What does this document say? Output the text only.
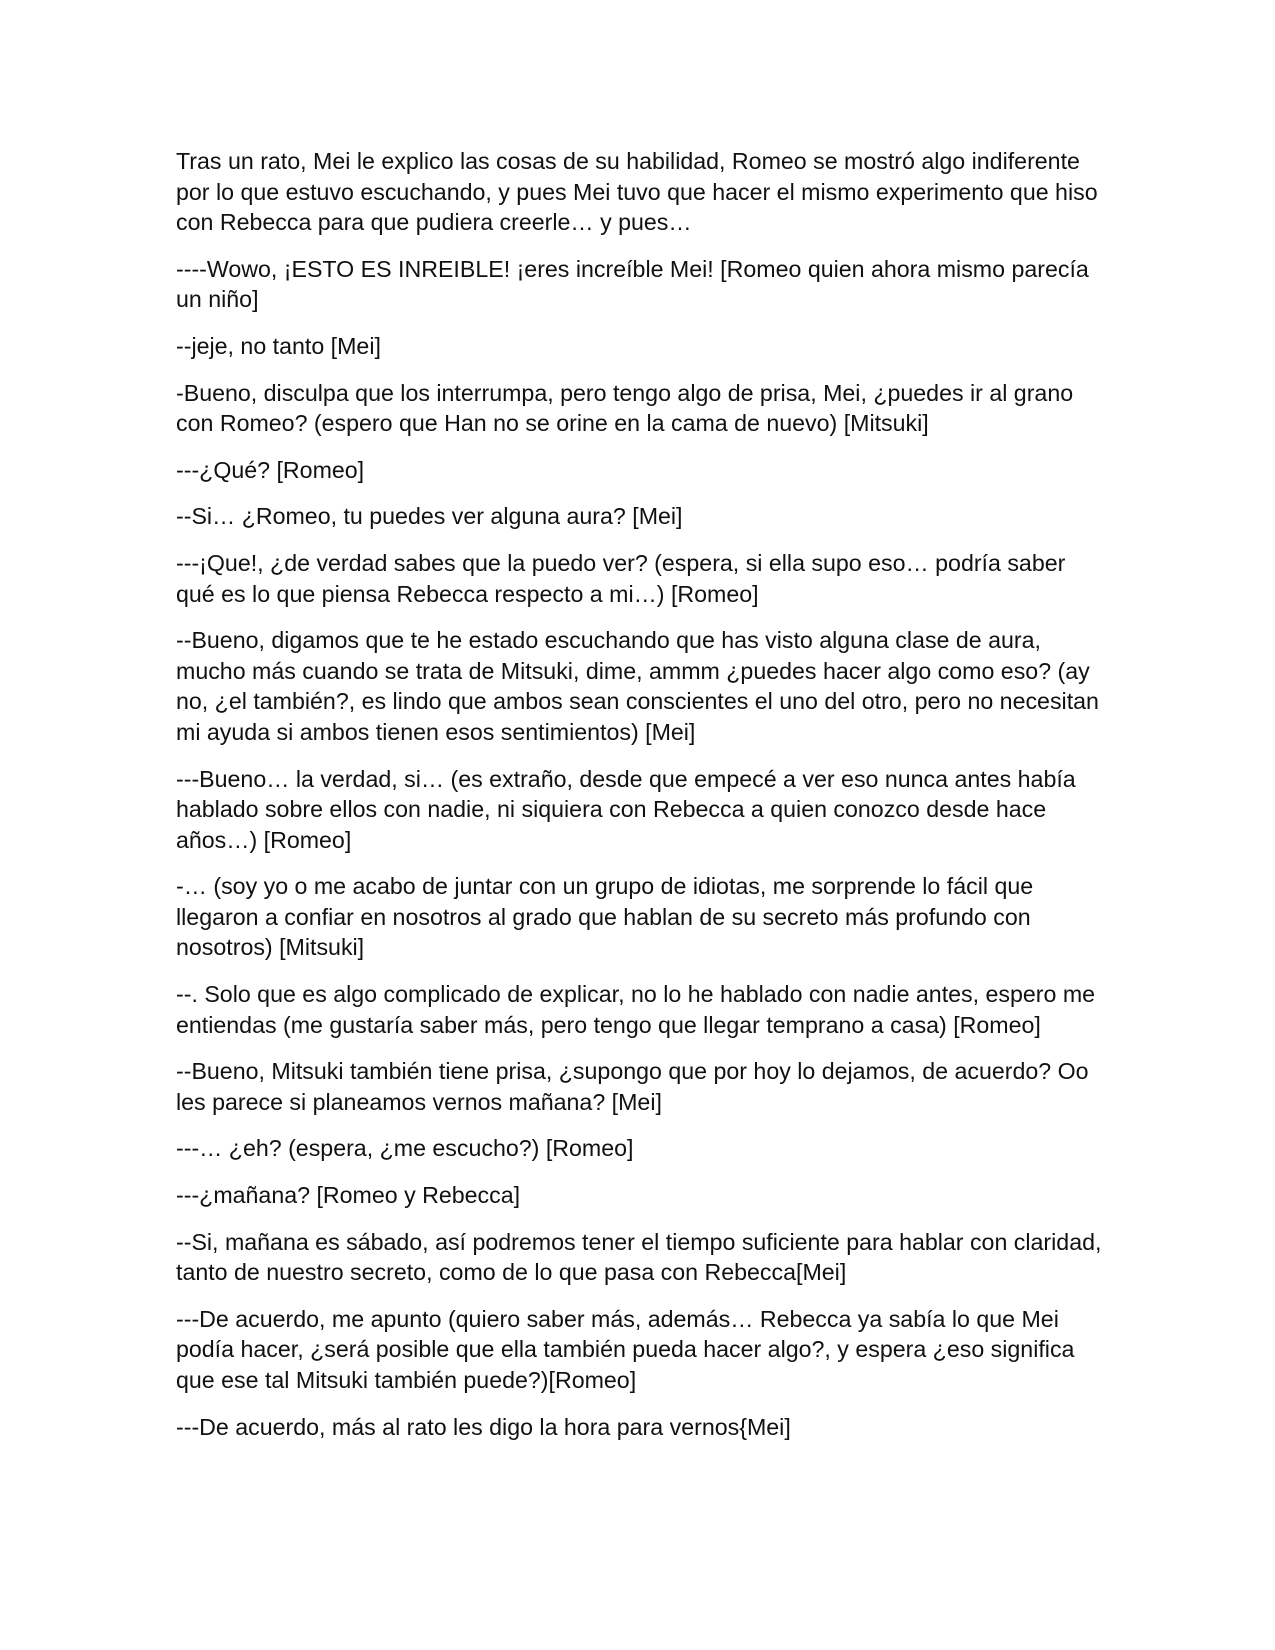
Tras un rato, Mei le explico las cosas de su habilidad, Romeo se mostró algo indiferente por lo que estuvo escuchando, y pues Mei tuvo que hacer el mismo experimento que hiso con Rebecca para que pudiera creerle… y pues…

----Wowo, ¡ESTO ES INREIBLE! ¡eres increíble Mei! [Romeo quien ahora mismo parecía un niño]

--jeje, no tanto [Mei]

-Bueno, disculpa que los interrumpa, pero tengo algo de prisa, Mei, ¿puedes ir al grano con Romeo? (espero que Han no se orine en la cama de nuevo) [Mitsuki]

---¿Qué? [Romeo]

--Si… ¿Romeo, tu puedes ver alguna aura? [Mei]

---¡Que!, ¿de verdad sabes que la puedo ver? (espera, si ella supo eso… podría saber qué es lo que piensa Rebecca respecto a mi…) [Romeo]

--Bueno, digamos que te he estado escuchando que has visto alguna clase de aura, mucho más cuando se trata de Mitsuki, dime, ammm ¿puedes hacer algo como eso? (ay no, ¿el también?, es lindo que ambos sean conscientes el uno del otro, pero no necesitan mi ayuda si ambos tienen esos sentimientos) [Mei]

---Bueno… la verdad, si… (es extraño, desde que empecé a ver eso nunca antes había hablado sobre ellos con nadie, ni siquiera con Rebecca a quien conozco desde hace años…) [Romeo]

-… (soy yo o me acabo de juntar con un grupo de idiotas, me sorprende lo fácil que llegaron a confiar en nosotros al grado que hablan de su secreto más profundo con nosotros) [Mitsuki]

--. Solo que es algo complicado de explicar, no lo he hablado con nadie antes, espero me entiendas (me gustaría saber más, pero tengo que llegar temprano a casa) [Romeo]

--Bueno, Mitsuki también tiene prisa, ¿supongo que por hoy lo dejamos, de acuerdo? Oo les parece si planeamos vernos mañana? [Mei]

---… ¿eh? (espera, ¿me escucho?) [Romeo]

---¿mañana? [Romeo y Rebecca]

--Si, mañana es sábado, así podremos tener el tiempo suficiente para hablar con claridad, tanto de nuestro secreto, como de lo que pasa con Rebecca[Mei]

---De acuerdo, me apunto (quiero saber más, además… Rebecca ya sabía lo que Mei podía hacer, ¿será posible que ella también pueda hacer algo?, y espera ¿eso significa que ese tal Mitsuki también puede?)[Romeo]

---De acuerdo, más al rato les digo la hora para vernos{Mei]
